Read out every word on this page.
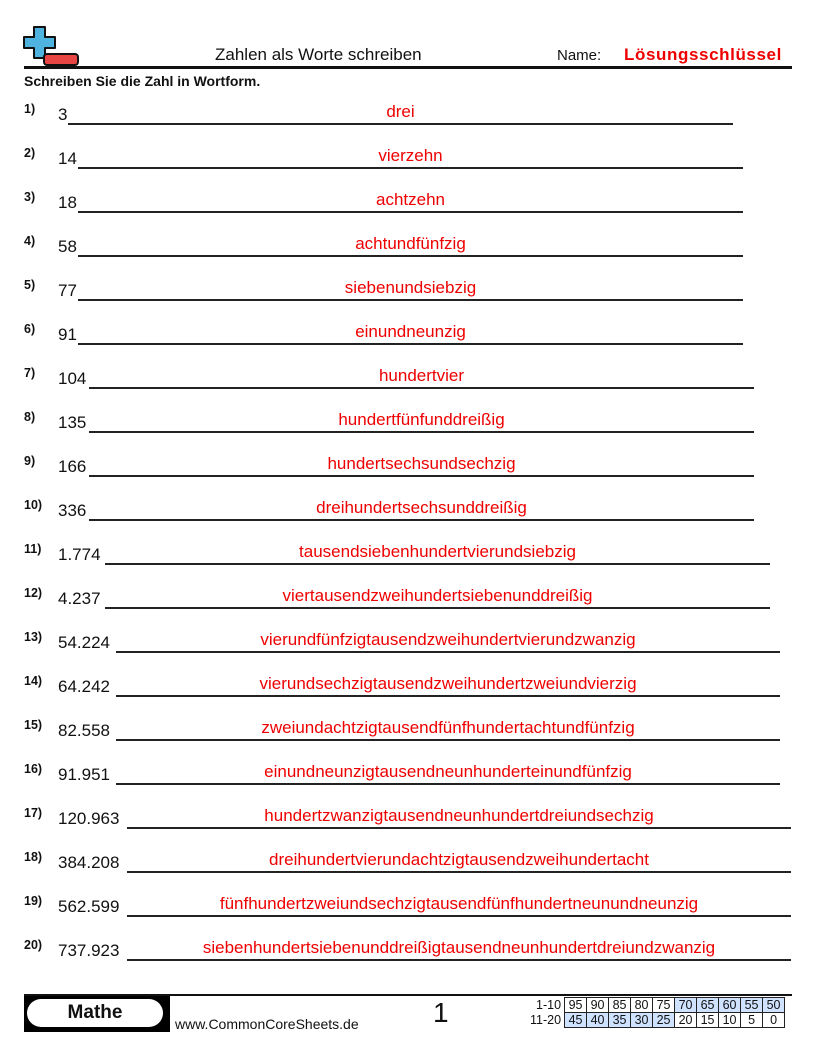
Zahlen als Worte schreiben	Name: Lösungsschlüssel
Schreiben Sie die Zahl in Wortform.
1) 3	drei
2) 14	vierzehn
3) 18	achtzehn
4) 58	achtundfünfzig
5) 77	siebenundsiebzig
6) 91	einundneunzig
7) 104	hundertvier
8) 135	hundertfünfunddreißig
9) 166	hundertsechsundsechzig
10) 336	dreihundertsechsunddreißig
11) 1.774	tausendsiebenhundertvierundsiebzig
12) 4.237	viertausendzweihundertsiebenunddreißig
13) 54.224	vierundfünfzigtausendzweihundertvierundzwanzig
14) 64.242	vierundsechzigtausendzweihundertzweiundvierzig
15) 82.558	zweiundachtzigtausendfünfhundertachtundfünfzig
16) 91.951	einundneunzigtausendneunhunderteinundfünfzig
17) 120.963	hundertzwanzigtausendneunhundertdreiundsechzig
18) 384.208	dreihundertvierundachtzigtausendzweihundertacht
19) 562.599	fünfhundertzweiundsechzigtausendfünfhundertneunundneunzig
20) 737.923	siebenhundertsiebenunddreißigtausendneunhundertdreiundzwanzig
Mathe
www.CommonCoreSheets.de	1	1-10	95	90	85	80	75	70	65	60	55	50
11-20	45	40	35	30	25	20	15	10	5	0
